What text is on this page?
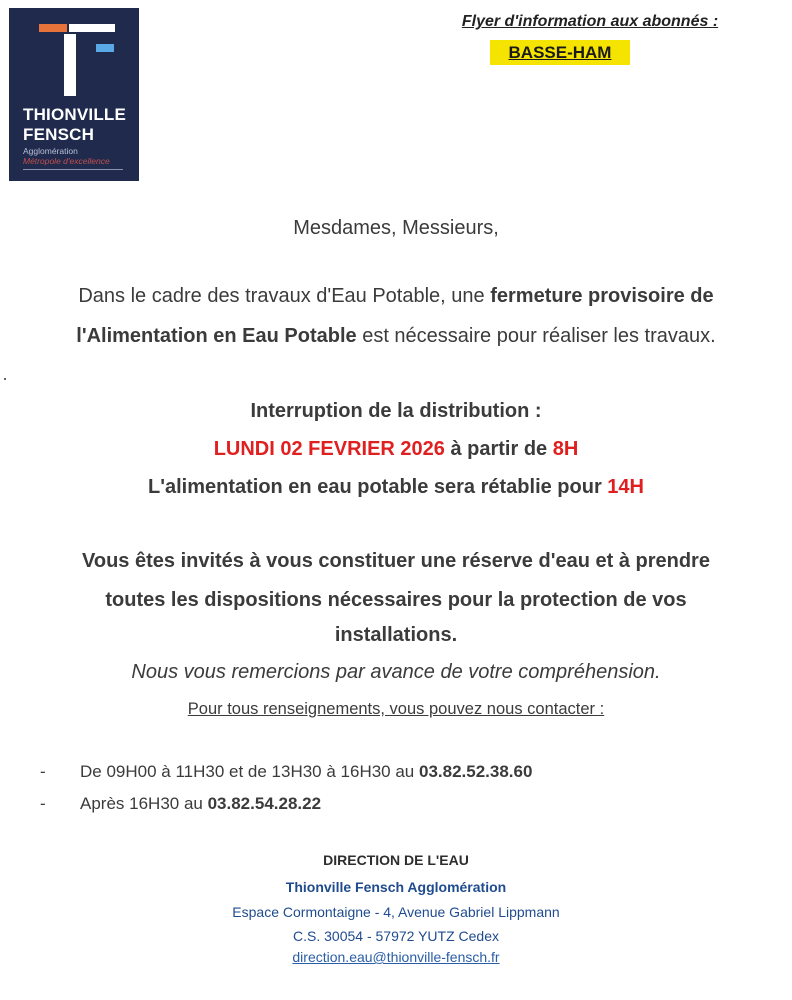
THIONVILLE
FENSCH
Agglomération
Métropole d'excellence
Flyer d'information aux abonnés :
BASSE-HAM
Mesdames, Messieurs,
Dans le cadre des travaux d'Eau Potable, une fermeture provisoire de
l'Alimentation en Eau Potable est nécessaire pour réaliser les travaux.
Interruption de la distribution :
LUNDI 02 FEVRIER 2026 à partir de 8H
L'alimentation en eau potable sera rétablie pour 14H
Vous êtes invités à vous constituer une réserve d'eau et à prendre
toutes les dispositions nécessaires pour la protection de vos
installations.
Nous vous remercions par avance de votre compréhension.
Pour tous renseignements, vous pouvez nous contacter :
- De 09H00 à 11H30 et de 13H30 à 16H30 au 03.82.52.38.60
- Après 16H30 au 03.82.54.28.22
DIRECTION DE L'EAU
Thionville Fensch Agglomération
Espace Cormontaigne - 4, Avenue Gabriel Lippmann
C.S. 30054 - 57972 YUTZ Cedex
direction.eau@thionville-fensch.fr
